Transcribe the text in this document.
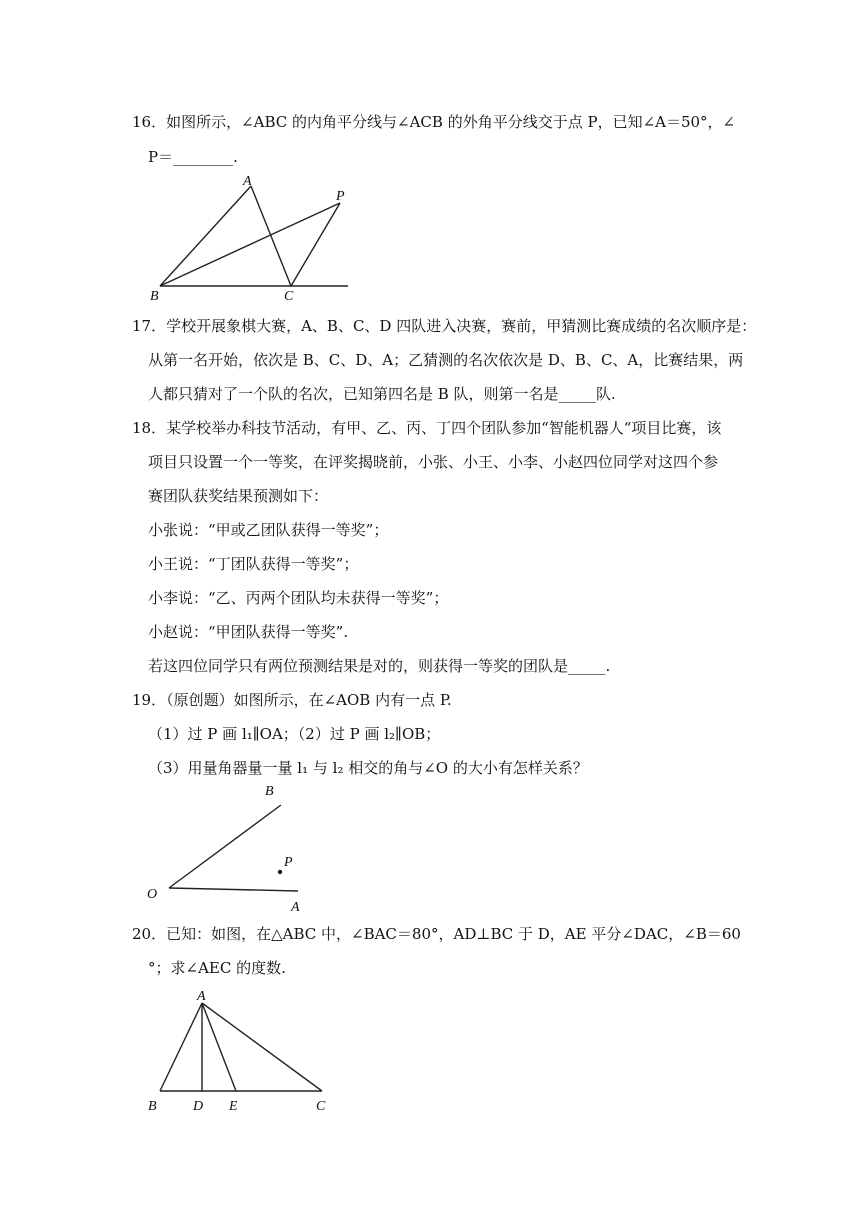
16．如图所示，∠ABC 的内角平分线与∠ACB 的外角平分线交于点 P，已知∠A＝50°，∠
P＝________.
A
B	C
P
17．学校开展象棋大赛，A、B、C、D 四队进入决赛，赛前，甲猜测比赛成绩的名次顺序是：
从第一名开始，依次是 B、C、D、A；乙猜测的名次依次是 D、B、C、A，比赛结果，两
人都只猜对了一个队的名次，已知第四名是 B 队，则第一名是_____队.
18．某学校举办科技节活动，有甲、乙、丙、丁四个团队参加“智能机器人“项目比赛，该
项目只设置一个一等奖，在评奖揭晓前，小张、小王、小李、小赵四位同学对这四个参
赛团队获奖结果预测如下：
小张说：“甲或乙团队获得一等奖”；
小王说：“丁团队获得一等奖”；
小李说：“乙、丙两个团队均未获得一等奖”；
小赵说：“甲团队获得一等奖”.
若这四位同学只有两位预测结果是对的，则获得一等奖的团队是_____.
19．（原创题）如图所示，在∠AOB 内有一点 P.
（1）过 P 画 l₁∥OA；（2）过 P 画 l₂∥OB；
（3）用量角器量一量 l₁ 与 l₂ 相交的角与∠O 的大小有怎样关系？
B
P
O
A
20．已知：如图，在△ABC 中，∠BAC＝80°，AD⊥BC 于 D，AE 平分∠DAC，∠B＝60
°；求∠AEC 的度数.
A
B	D E	C
